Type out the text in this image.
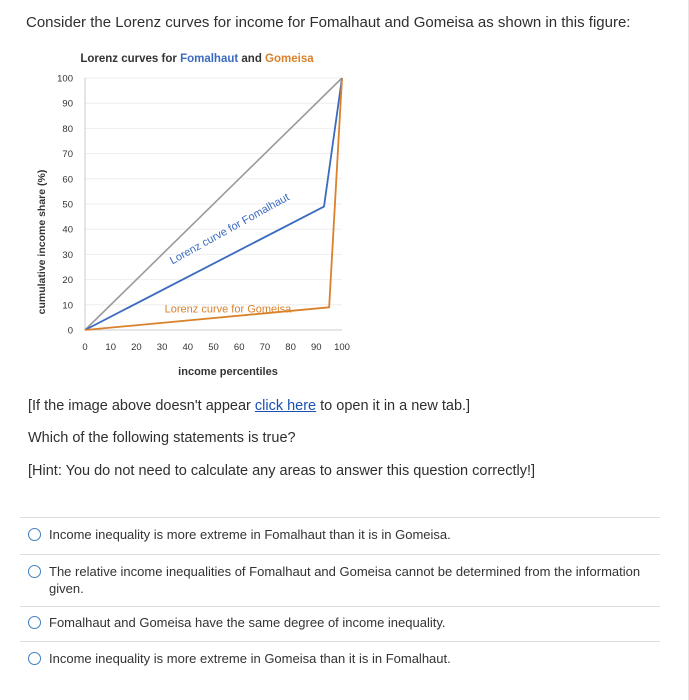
Consider the Lorenz curves for income for Fomalhaut and Gomeisa as shown in this figure:
Lorenz curves for Fomalhaut and Gomeisa
0 10 20 30 40 50 60 70 80 90 100
0
10
20
30
40
50
60
70
80
90
100
income percentiles
cumulative income share (%)	Lorenz curve for Fomalhaut
Lorenz curve for Gomeisa
[If the image above doesn't appear click here to open it in a new tab.]
Which of the following statements is true?
[Hint: You do not need to calculate any areas to answer this question correctly!]
Income inequality is more extreme in Fomalhaut than it is in Gomeisa.
The relative income inequalities of Fomalhaut and Gomeisa cannot be determined from the information given.
Fomalhaut and Gomeisa have the same degree of income inequality.
Income inequality is more extreme in Gomeisa than it is in Fomalhaut.
